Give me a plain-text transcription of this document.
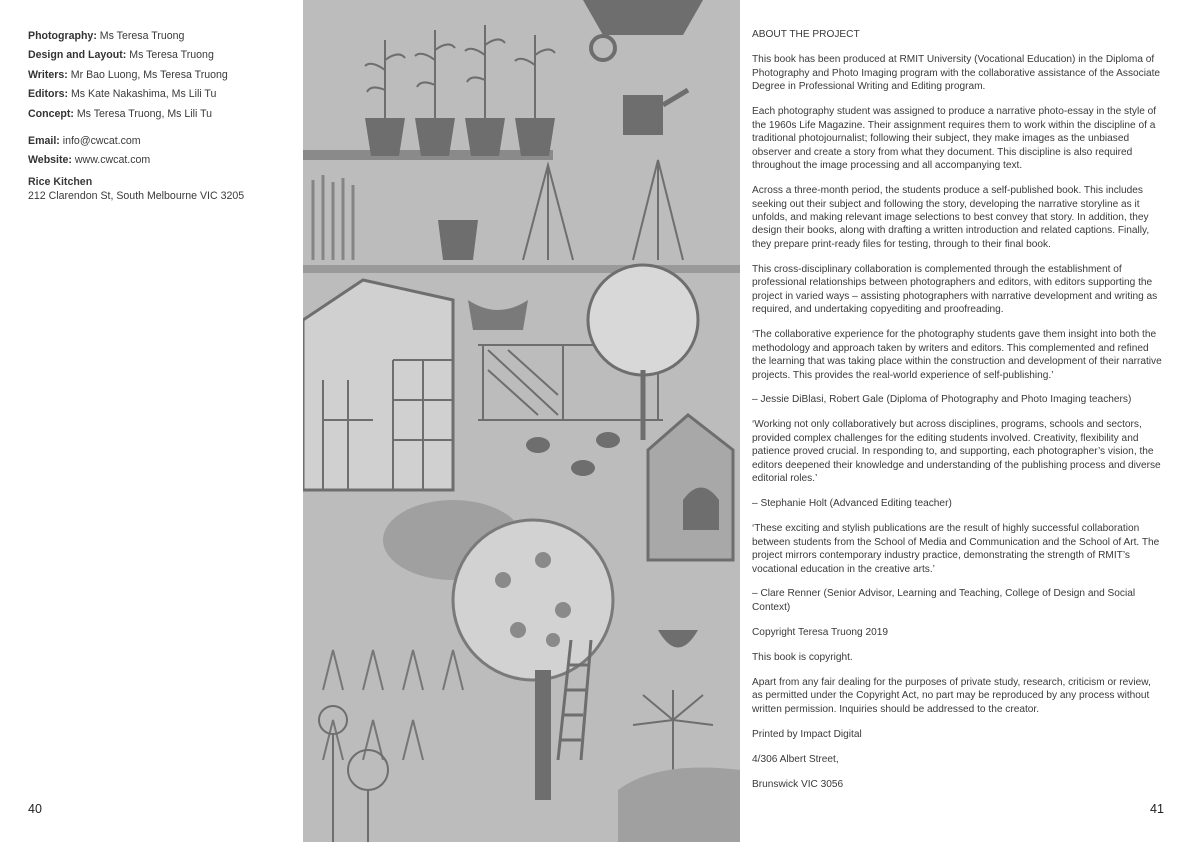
Photography: Ms Teresa Truong
Design and Layout: Ms Teresa Truong
Writers: Mr Bao Luong, Ms Teresa Truong
Editors: Ms Kate Nakashima, Ms Lili Tu
Concept: Ms Teresa Truong, Ms Lili Tu
Email: info@cwcat.com
Website: www.cwcat.com
Rice Kitchen
212 Clarendon St, South Melbourne VIC 3205
40

ABOUT THE PROJECT

This book has been produced at RMIT University (Vocational Education) in the Diploma of Photography and Photo Imaging program with the collaborative assistance of the Associate Degree in Professional Writing and Editing program.

Each photography student was assigned to produce a narrative photo-essay in the style of the 1960s Life Magazine. Their assignment requires them to work within the discipline of a traditional photojournalist; following their subject, they make images as the unbiased observer and create a story from what they document. This discipline is also required throughout the image processing and all accompanying text.

Across a three-month period, the students produce a self-published book. This includes seeking out their subject and following the story, developing the narrative storyline as it unfolds, and making relevant image selections to best convey that story. In addition, they design their books, along with drafting a written introduction and related captions. Finally, they prepare print-ready files for testing, through to their final book.

This cross-disciplinary collaboration is complemented through the establishment of professional relationships between photographers and editors, with editors supporting the project in varied ways – assisting photographers with narrative development and writing as required, and undertaking copyediting and proofreading.

‘The collaborative experience for the photography students gave them insight into both the methodology and approach taken by writers and editors. This complemented and refined the learning that was taking place within the construction and development of their narrative projects. This provides the real-world experience of self-publishing.’

– Jessie DiBlasi, Robert Gale (Diploma of Photography and Photo Imaging teachers)

‘Working not only collaboratively but across disciplines, programs, schools and sectors, provided complex challenges for the editing students involved. Creativity, flexibility and patience proved crucial. In responding to, and supporting, each photographer’s vision, the editors deepened their knowledge and understanding of the publishing process and diverse editorial roles.’

– Stephanie Holt (Advanced Editing teacher)

‘These exciting and stylish publications are the result of highly successful collaboration between students from the School of Media and Communication and the School of Art. The project mirrors contemporary industry practice, demonstrating the strength of RMIT’s vocational education in the creative arts.’

– Clare Renner (Senior Advisor, Learning and Teaching, College of Design and Social Context)

Copyright Teresa Truong 2019

This book is copyright.

Apart from any fair dealing for the purposes of private study, research, criticism or review, as permitted under the Copyright Act, no part may be reproduced by any process without written permission. Inquiries should be addressed to the creator.

Printed by Impact Digital

4/306 Albert Street,

Brunswick VIC 3056

41
